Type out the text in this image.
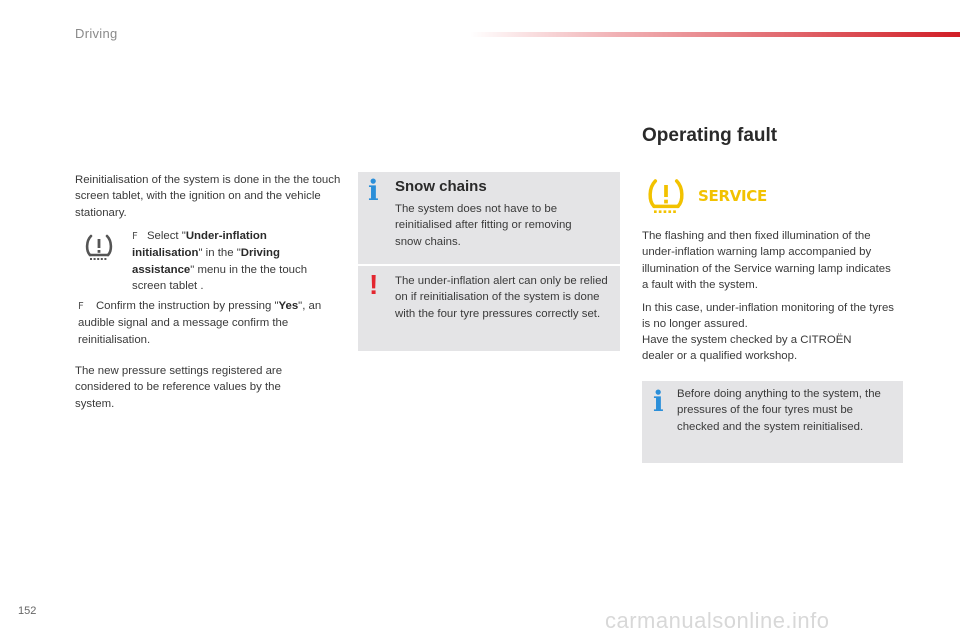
Driving
Reinitialisation of the system is done in the the touch screen tablet, with the ignition on and the vehicle stationary.
F Select "Under-inflation initialisation" in the "Driving assistance" menu in the the touch screen tablet .
F Confirm the instruction by pressing "Yes", an audible signal and a message confirm the reinitialisation.
The new pressure settings registered are considered to be reference values by the system.
i Snow chains
The system does not have to be reinitialised after fitting or removing snow chains.
! The under-inflation alert can only be relied on if reinitialisation of the system is done with the four tyre pressures correctly set.
Operating fault
SERVICE
The flashing and then fixed illumination of the under-inflation warning lamp accompanied by illumination of the Service warning lamp indicates a fault with the system.
In this case, under-inflation monitoring of the tyres is no longer assured.
Have the system checked by a CITROËN dealer or a qualified workshop.
i Before doing anything to the system, the pressures of the four tyres must be checked and the system reinitialised.
152	carmanualsonline.info
